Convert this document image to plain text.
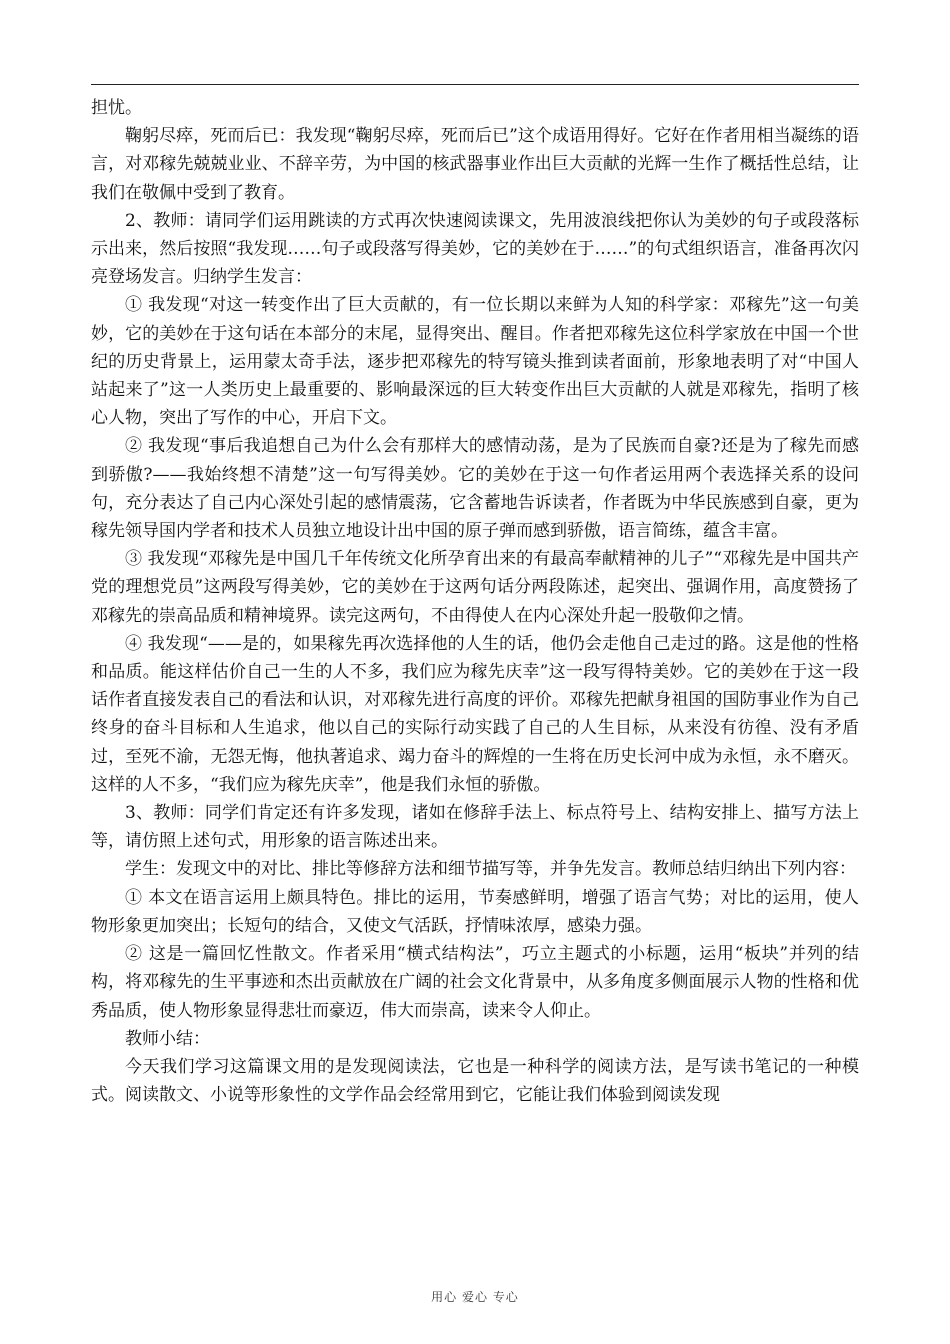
担忧。

鞠躬尽瘁，死而后已：我发现“鞠躬尽瘁，死而后已”这个成语用得好。它好在作者用相当凝练的语言，对邓稼先兢兢业业、不辞辛劳，为中国的核武器事业作出巨大贡献的光辉一生作了概括性总结，让我们在敬佩中受到了教育。

2、教师：请同学们运用跳读的方式再次快速阅读课文，先用波浪线把你认为美妙的句子或段落标示出来，然后按照“我发现……句子或段落写得美妙，它的美妙在于……”的句式组织语言，准备再次闪亮登场发言。归纳学生发言：

① 我发现“对这一转变作出了巨大贡献的，有一位长期以来鲜为人知的科学家：邓稼先”这一句美妙，它的美妙在于这句话在本部分的末尾，显得突出、醒目。作者把邓稼先这位科学家放在中国一个世纪的历史背景上，运用蒙太奇手法，逐步把邓稼先的特写镜头推到读者面前，形象地表明了对“中国人站起来了”这一人类历史上最重要的、影响最深远的巨大转变作出巨大贡献的人就是邓稼先，指明了核心人物，突出了写作的中心，开启下文。

② 我发现“事后我追想自己为什么会有那样大的感情动荡，是为了民族而自豪?还是为了稼先而感到骄傲?——我始终想不清楚”这一句写得美妙。它的美妙在于这一句作者运用两个表选择关系的设问句，充分表达了自己内心深处引起的感情震荡，它含蓄地告诉读者，作者既为中华民族感到自豪，更为稼先领导国内学者和技术人员独立地设计出中国的原子弹而感到骄傲，语言简练，蕴含丰富。

③ 我发现“邓稼先是中国几千年传统文化所孕育出来的有最高奉献精神的儿子”“邓稼先是中国共产党的理想党员”这两段写得美妙，它的美妙在于这两句话分两段陈述，起突出、强调作用，高度赞扬了邓稼先的崇高品质和精神境界。读完这两句，不由得使人在内心深处升起一股敬仰之情。

④ 我发现“——是的，如果稼先再次选择他的人生的话，他仍会走他自己走过的路。这是他的性格和品质。能这样估价自己一生的人不多，我们应为稼先庆幸”这一段写得特美妙。它的美妙在于这一段话作者直接发表自己的看法和认识，对邓稼先进行高度的评价。邓稼先把献身祖国的国防事业作为自己终身的奋斗目标和人生追求，他以自己的实际行动实践了自己的人生目标，从来没有彷徨、没有矛盾过，至死不渝，无怨无悔，他执著追求、竭力奋斗的辉煌的一生将在历史长河中成为永恒，永不磨灭。这样的人不多，“我们应为稼先庆幸”，他是我们永恒的骄傲。

3、教师：同学们肯定还有许多发现，诸如在修辞手法上、标点符号上、结构安排上、描写方法上等，请仿照上述句式，用形象的语言陈述出来。

学生：发现文中的对比、排比等修辞方法和细节描写等，并争先发言。教师总结归纳出下列内容：

① 本文在语言运用上颇具特色。排比的运用，节奏感鲜明，增强了语言气势；对比的运用，使人物形象更加突出；长短句的结合，又使文气活跃，抒情味浓厚，感染力强。

② 这是一篇回忆性散文。作者采用“横式结构法”，巧立主题式的小标题，运用“板块”并列的结构，将邓稼先的生平事迹和杰出贡献放在广阔的社会文化背景中，从多角度多侧面展示人物的性格和优秀品质，使人物形象显得悲壮而豪迈，伟大而崇高，读来令人仰止。

教师小结：

今天我们学习这篇课文用的是发现阅读法，它也是一种科学的阅读方法，是写读书笔记的一种模式。阅读散文、小说等形象性的文学作品会经常用到它，它能让我们体验到阅读发现

用心 爱心 专心
